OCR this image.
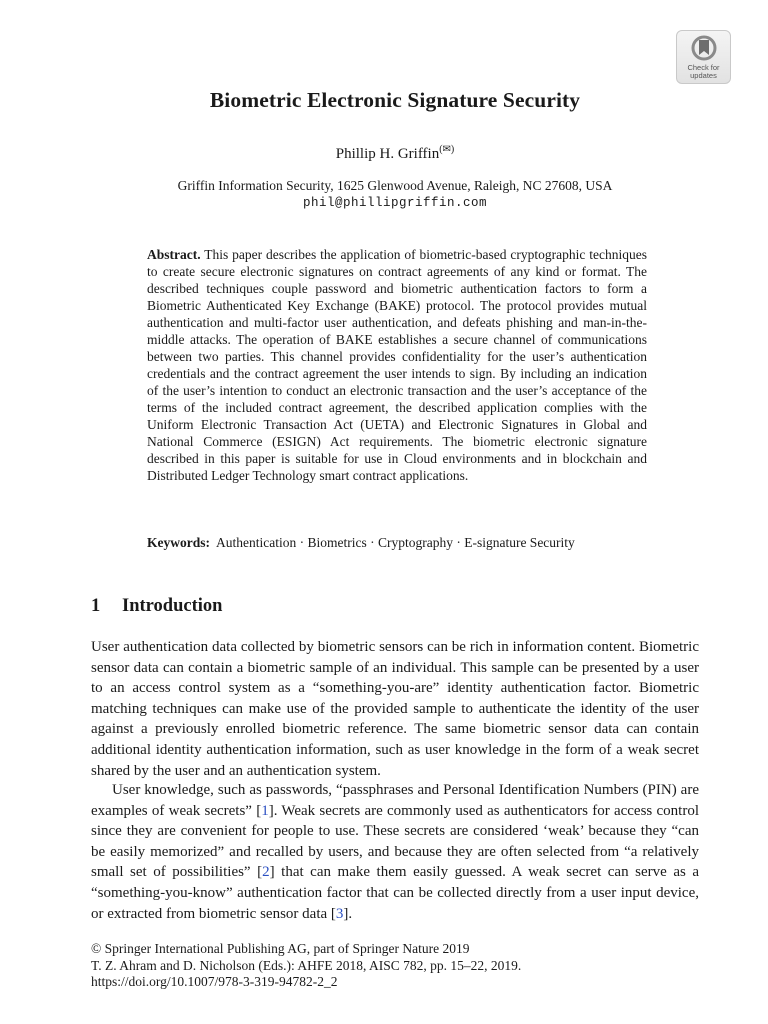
Check for
updates
Biometric Electronic Signature Security
Phillip H. Griffin(✉)
Griffin Information Security, 1625 Glenwood Avenue, Raleigh, NC 27608, USA
phil@phillipgriffin.com
Abstract. This paper describes the application of biometric-based cryptographic techniques to create secure electronic signatures on contract agreements of any kind or format. The described techniques couple password and biometric authentication factors to form a Biometric Authenticated Key Exchange (BAKE) protocol. The protocol provides mutual authentication and multi-factor user authentication, and defeats phishing and man-in-the-middle attacks. The operation of BAKE establishes a secure channel of communications between two parties. This channel provides confidentiality for the user’s authentication credentials and the contract agreement the user intends to sign. By including an indication of the user’s intention to conduct an electronic transaction and the user’s acceptance of the terms of the included contract agreement, the described application complies with the Uniform Electronic Transaction Act (UETA) and Electronic Signatures in Global and National Commerce (ESIGN) Act requirements. The biometric electronic signature described in this paper is suitable for use in Cloud environments and in blockchain and Distributed Ledger Technology smart contract applications.
Keywords: Authentication · Biometrics · Cryptography · E-signature Security
1 Introduction
User authentication data collected by biometric sensors can be rich in information content. Biometric sensor data can contain a biometric sample of an individual. This sample can be presented by a user to an access control system as a “something-you-are” identity authentication factor. Biometric matching techniques can make use of the provided sample to authenticate the identity of the user against a previously enrolled biometric reference. The same biometric sensor data can contain additional identity authentication information, such as user knowledge in the form of a weak secret shared by the user and an authentication system.
User knowledge, such as passwords, “passphrases and Personal Identification Numbers (PIN) are examples of weak secrets” [1]. Weak secrets are commonly used as authenticators for access control since they are convenient for people to use. These secrets are considered ‘weak’ because they “can be easily memorized” and recalled by users, and because they are often selected from “a relatively small set of possibilities” [2] that can make them easily guessed. A weak secret can serve as a “something-you-know” authentication factor that can be collected directly from a user input device, or extracted from biometric sensor data [3].
© Springer International Publishing AG, part of Springer Nature 2019
T. Z. Ahram and D. Nicholson (Eds.): AHFE 2018, AISC 782, pp. 15–22, 2019.
https://doi.org/10.1007/978-3-319-94782-2_2
